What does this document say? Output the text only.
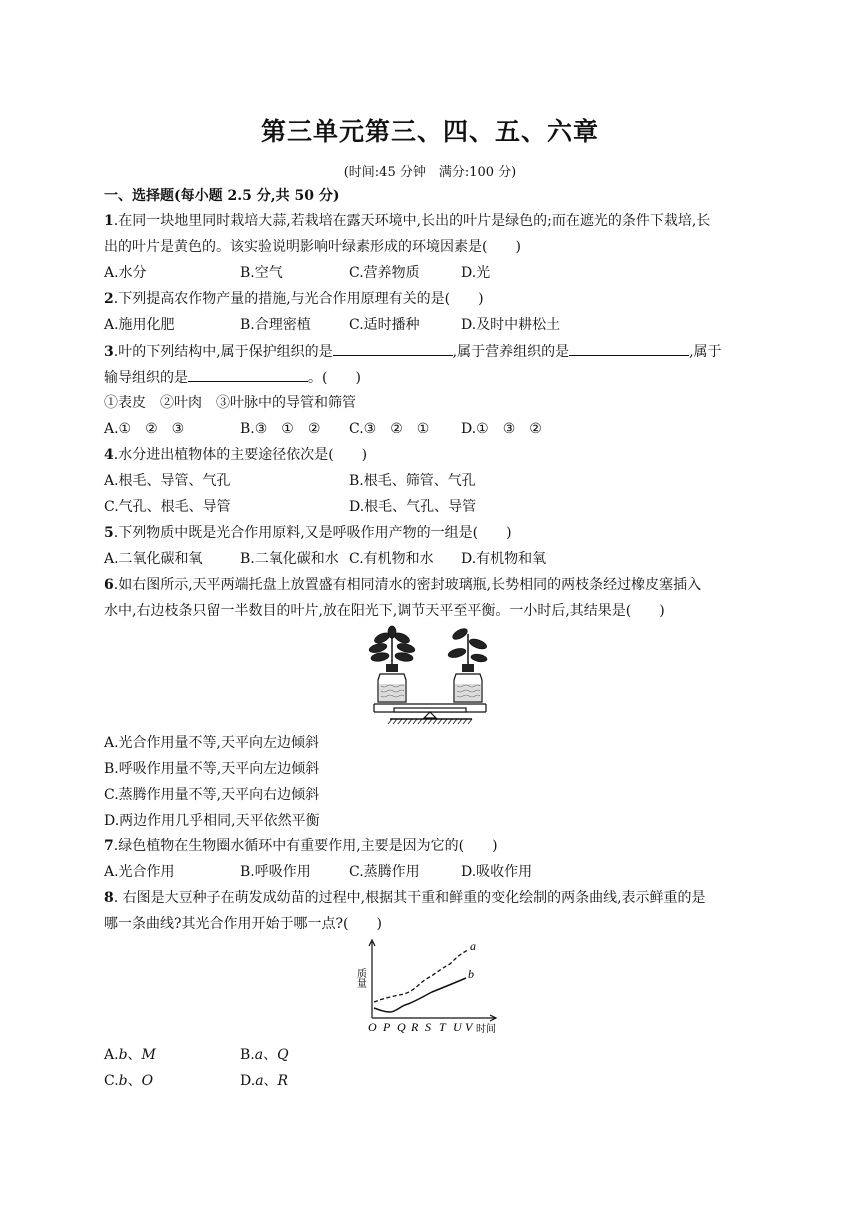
第三单元第三、四、五、六章
(时间:45 分钟　满分:100 分)
一、选择题(每小题 2.5 分,共 50 分)
1.在同一块地里同时栽培大蒜,若栽培在露天环境中,长出的叶片是绿色的;而在遮光的条件下栽培,长
出的叶片是黄色的。该实验说明影响叶绿素形成的环境因素是(　　)
A.水分	B.空气	C.营养物质	D.光
2.下列提高农作物产量的措施,与光合作用原理有关的是(　　)
A.施用化肥	B.合理密植	C.适时播种	D.及时中耕松土
3.叶的下列结构中,属于保护组织的是	,属于营养组织的是	,属于
输导组织的是	。(　　)
①表皮　②叶肉　③叶脉中的导管和筛管
A.①　②　③	B.③　①　② C.③　②　① D.①　③　②
4.水分进出植物体的主要途径依次是(　　)
A.根毛、导管、气孔	B.根毛、筛管、气孔
C.气孔、根毛、导管	D.根毛、气孔、导管
5.下列物质中既是光合作用原料,又是呼吸作用产物的一组是(　　)
A.二氧化碳和氧	B.二氧化碳和水 C.有机物和水 D.有机物和氧
6.如右图所示,天平两端托盘上放置盛有相同清水的密封玻璃瓶,长势相同的两枝条经过橡皮塞插入
水中,右边枝条只留一半数目的叶片,放在阳光下,调节天平至平衡。一小时后,其结果是(　　)
A.光合作用量不等,天平向左边倾斜
B.呼吸作用量不等,天平向左边倾斜
C.蒸腾作用量不等,天平向右边倾斜
D.两边作用几乎相同,天平依然平衡
7.绿色植物在生物圈水循环中有重要作用,主要是因为它的(　　)
A.光合作用	B.呼吸作用	C.蒸腾作用	D.吸收作用
8. 右图是大豆种子在萌发成幼苗的过程中,根据其干重和鲜重的变化绘制的两条曲线,表示鲜重的是
哪一条曲线?其光合作用开始于哪一点?(　　)
质量
a
b
O P Q R S T U V 时间
A.b、M	B.a、Q
C.b、O	D.a、R
